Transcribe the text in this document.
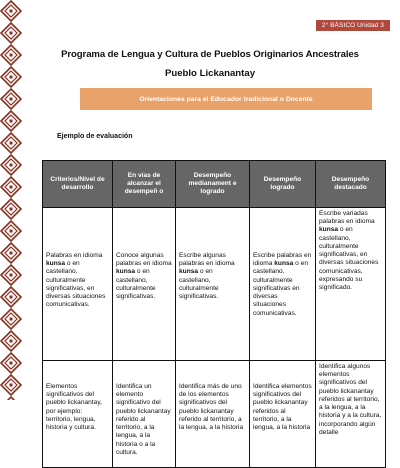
2° BÁSICO Unidad 3
Programa de Lengua y Cultura de Pueblos Originarios Ancestrales
Pueblo Lickanantay
Orientaciones para el Educador tradicional o Docente
Ejemplo de evaluación
Criterios/Nivel de desarrollo	En vías de alcanzar el desempeñ o	Desempeño medianament e logrado	Desempeño logrado	Desempeño destacado
Palabras en idioma kunsa o en castellano, culturalmente significativas, en diversas situaciones comunicativas.	Conoce algunas palabras en idioma kunsa o en castellano, culturalmente significativas.	Escribe algunas palabras en idioma kunsa o en castellano, culturalmente significativas.	Escribe palabras en idioma kunsa o en castellano, culturalmente significativas en diversas situaciones comunicativas.	Escribe variadas palabras en idioma kunsa o en castellano, culturalmente significativas, en diversas situaciones comunicativas, expresando su significado.
Elementos significativos del pueblo lickanantay, por ejemplo: territorio, lengua, historia y cultura.	Identifica un elemento significativo del pueblo lickanantay referido al territorio, a la lengua, a la historia o a la cultura.	Identifica más de uno de los elementos significativos del pueblo lickanantay referido al territorio, a la lengua, a la historia	Identifica elementos significativos del pueblo lickanantay referidos al territorio, a la lengua, a la historia	Identifica algunos elementos significativos del pueblo lickanantay referidos al territorio, a la lengua, a la historia y a la cultura, incorporando algún detalle
